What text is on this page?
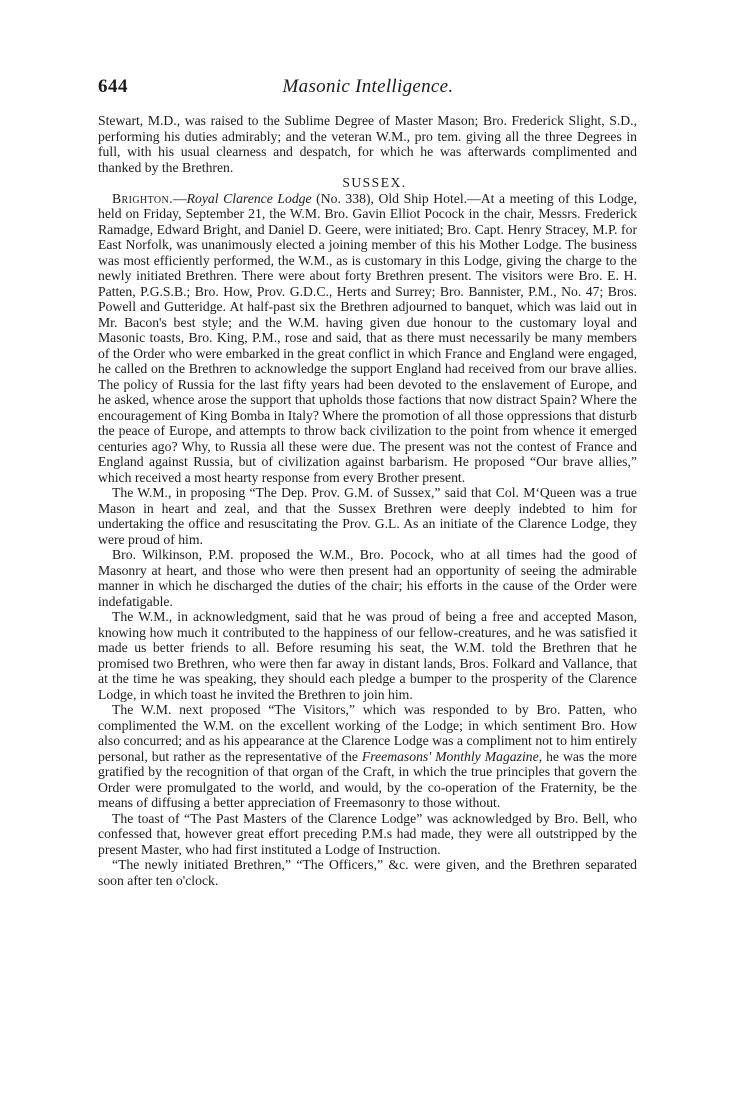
644	Masonic Intelligence.

Stewart, M.D., was raised to the Sublime Degree of Master Mason; Bro. Frederick Slight, S.D., performing his duties admirably; and the veteran W.M., pro tem. giving all the three Degrees in full, with his usual clearness and despatch, for which he was afterwards complimented and thanked by the Brethren.

SUSSEX.

Brighton.—Royal Clarence Lodge (No. 338), Old Ship Hotel.—At a meeting of this Lodge, held on Friday, September 21, the W.M. Bro. Gavin Elliot Pocock in the chair, Messrs. Frederick Ramadge, Edward Bright, and Daniel D. Geere, were initiated; Bro. Capt. Henry Stracey, M.P. for East Norfolk, was unanimously elected a joining member of this his Mother Lodge. The business was most efficiently performed, the W.M., as is customary in this Lodge, giving the charge to the newly initiated Brethren. There were about forty Brethren present. The visitors were Bro. E. H. Patten, P.G.S.B.; Bro. How, Prov. G.D.C., Herts and Surrey; Bro. Bannister, P.M., No. 47; Bros. Powell and Gutteridge. At half-past six the Brethren adjourned to banquet, which was laid out in Mr. Bacon's best style; and the W.M. having given due honour to the customary loyal and Masonic toasts, Bro. King, P.M., rose and said, that as there must necessarily be many members of the Order who were embarked in the great conflict in which France and England were engaged, he called on the Brethren to acknowledge the support England had received from our brave allies. The policy of Russia for the last fifty years had been devoted to the enslavement of Europe, and he asked, whence arose the support that upholds those factions that now distract Spain? Where the encouragement of King Bomba in Italy? Where the promotion of all those oppressions that disturb the peace of Europe, and attempts to throw back civilization to the point from whence it emerged centuries ago? Why, to Russia all these were due. The present was not the contest of France and England against Russia, but of civilization against barbarism. He proposed “Our brave allies,” which received a most hearty response from every Brother present.

The W.M., in proposing “The Dep. Prov. G.M. of Sussex,” said that Col. M‘Queen was a true Mason in heart and zeal, and that the Sussex Brethren were deeply indebted to him for undertaking the office and resuscitating the Prov. G.L. As an initiate of the Clarence Lodge, they were proud of him.

Bro. Wilkinson, P.M. proposed the W.M., Bro. Pocock, who at all times had the good of Masonry at heart, and those who were then present had an opportunity of seeing the admirable manner in which he discharged the duties of the chair; his efforts in the cause of the Order were indefatigable.

The W.M., in acknowledgment, said that he was proud of being a free and accepted Mason, knowing how much it contributed to the happiness of our fellow-creatures, and he was satisfied it made us better friends to all. Before resuming his seat, the W.M. told the Brethren that he promised two Brethren, who were then far away in distant lands, Bros. Folkard and Vallance, that at the time he was speaking, they should each pledge a bumper to the prosperity of the Clarence Lodge, in which toast he invited the Brethren to join him.

The W.M. next proposed “The Visitors,” which was responded to by Bro. Patten, who complimented the W.M. on the excellent working of the Lodge; in which sentiment Bro. How also concurred; and as his appearance at the Clarence Lodge was a compliment not to him entirely personal, but rather as the representative of the Freemasons' Monthly Magazine, he was the more gratified by the recognition of that organ of the Craft, in which the true principles that govern the Order were promulgated to the world, and would, by the co-operation of the Fraternity, be the means of diffusing a better appreciation of Freemasonry to those without.

The toast of “The Past Masters of the Clarence Lodge” was acknowledged by Bro. Bell, who confessed that, however great effort preceding P.M.s had made, they were all outstripped by the present Master, who had first instituted a Lodge of Instruction.

“The newly initiated Brethren,” “The Officers,” &c. were given, and the Brethren separated soon after ten o'clock.
